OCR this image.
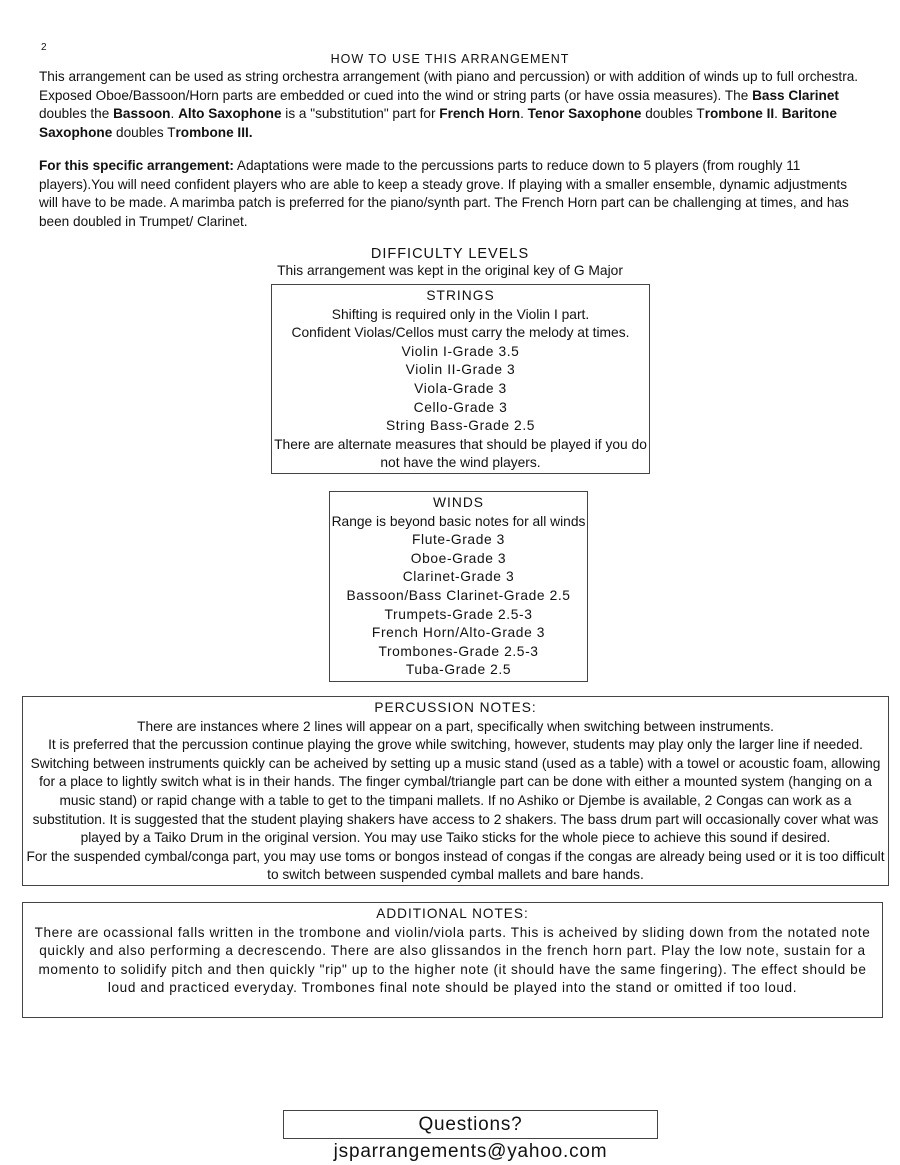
2
HOW TO USE THIS ARRANGEMENT
This arrangement can be used as string orchestra arrangement (with piano and percussion) or with addition of winds up to full orchestra. Exposed Oboe/Bassoon/Horn parts are embedded or cued into the wind or string parts (or have ossia measures). The Bass Clarinet doubles the Bassoon. Alto Saxophone is a "substitution" part for French Horn. Tenor Saxophone doubles Trombone II. Baritone Saxophone doubles Trombone III.
For this specific arrangement: Adaptations were made to the percussions parts to reduce down to 5 players (from roughly 11 players).You will need confident players who are able to keep a steady grove. If playing with a smaller ensemble, dynamic adjustments will have to be made. A marimba patch is preferred for the piano/synth part. The French Horn part can be challenging at times, and has been doubled in Trumpet/ Clarinet.
DIFFICULTY LEVELS
This arrangement was kept in the original key of G Major
STRINGS
Shifting is required only in the Violin I part.
Confident Violas/Cellos must carry the melody at times.
Violin I-Grade 3.5
Violin II-Grade 3
Viola-Grade 3
Cello-Grade 3
String Bass-Grade 2.5
There are alternate measures that should be played if you do not have the wind players.
WINDS
Range is beyond basic notes for all winds
Flute-Grade 3
Oboe-Grade 3
Clarinet-Grade 3
Bassoon/Bass Clarinet-Grade 2.5
Trumpets-Grade 2.5-3
French Horn/Alto-Grade 3
Trombones-Grade 2.5-3
Tuba-Grade 2.5
PERCUSSION NOTES:
There are instances where 2 lines will appear on a part, specifically when switching between instruments.
It is preferred that the percussion continue playing the grove while switching, however, students may play only the larger line if needed.
Switching between instruments quickly can be acheived by setting up a music stand (used as a table) with a towel or acoustic foam, allowing for a place to lightly switch what is in their hands. The finger cymbal/triangle part can be done with either a mounted system (hanging on a music stand) or rapid change with a table to get to the timpani mallets. If no Ashiko or Djembe is available, 2 Congas can work as a substitution. It is suggested that the student playing shakers have access to 2 shakers. The bass drum part will occasionally cover what was played by a Taiko Drum in the original version. You may use Taiko sticks for the whole piece to achieve this sound if desired.
For the suspended cymbal/conga part, you may use toms or bongos instead of congas if the congas are already being used or it is too difficult to switch between suspended cymbal mallets and bare hands.
ADDITIONAL NOTES:
There are ocassional falls written in the trombone and violin/viola parts. This is acheived by sliding down from the notated note quickly and also performing a decrescendo. There are also glissandos in the french horn part. Play the low note, sustain for a momento to solidify pitch and then quickly "rip" up to the higher note (it should have the same fingering). The effect should be loud and practiced everyday. Trombones final note should be played into the stand or omitted if too loud.
Questions? jsparrangements@yahoo.com
